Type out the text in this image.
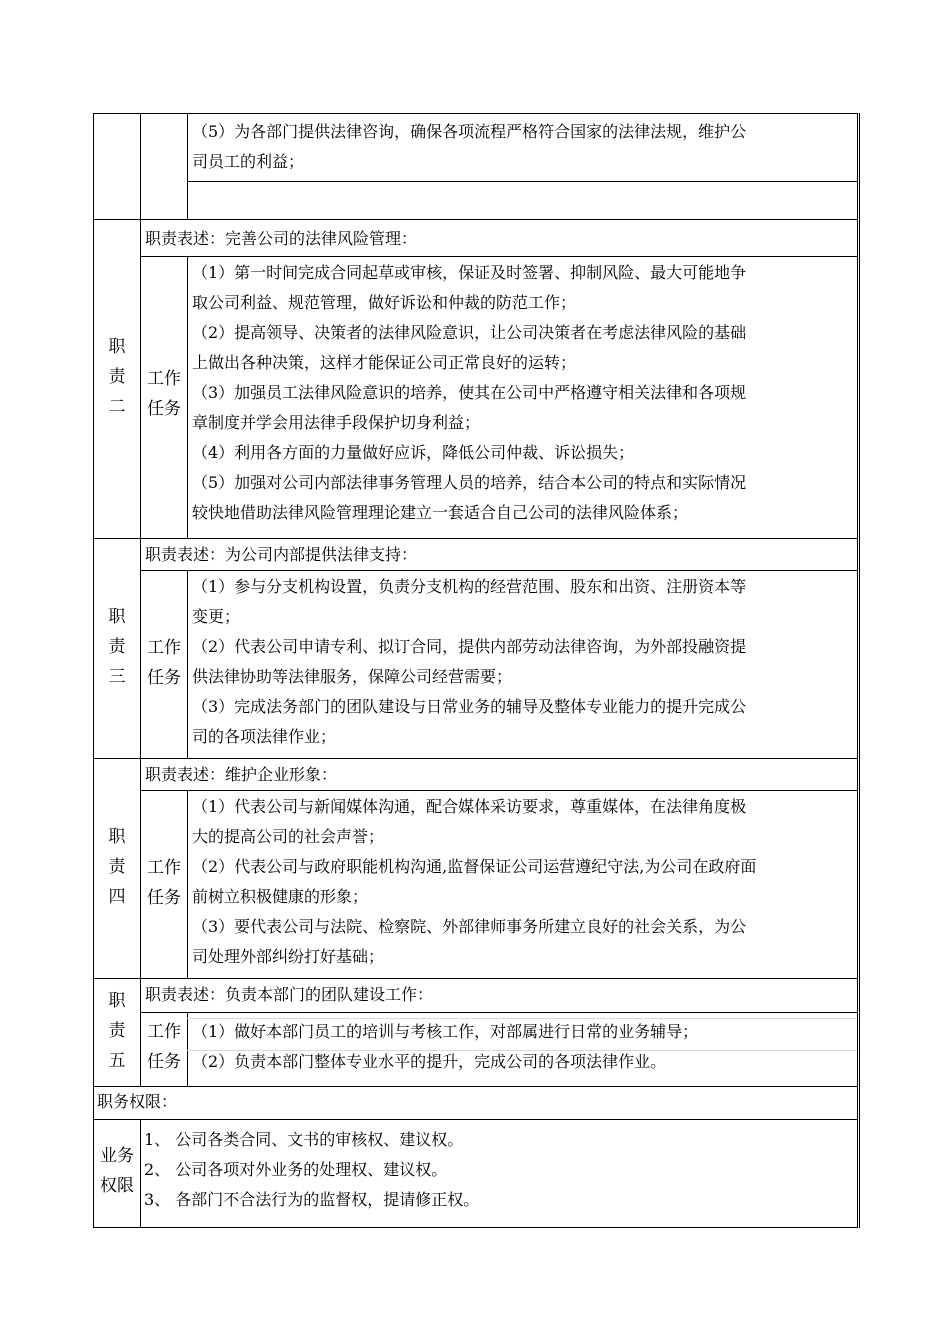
（5）为各部门提供法律咨询，确保各项流程严格符合国家的法律法规，维护公
司员工的利益；
职责表述：完善公司的法律风险管理：
职
责
二
工作
任务
（1）第一时间完成合同起草或审核，保证及时签署、抑制风险、最大可能地争
取公司利益、规范管理，做好诉讼和仲裁的防范工作；
（2）提高领导、决策者的法律风险意识，让公司决策者在考虑法律风险的基础
上做出各种决策，这样才能保证公司正常良好的运转；
（3）加强员工法律风险意识的培养，使其在公司中严格遵守相关法律和各项规
章制度并学会用法律手段保护切身利益；
（4）利用各方面的力量做好应诉，降低公司仲裁、诉讼损失；
（5）加强对公司内部法律事务管理人员的培养，结合本公司的特点和实际情况
较快地借助法律风险管理理论建立一套适合自己公司的法律风险体系；
职责表述：为公司内部提供法律支持：
职
责
三
工作
任务
（1）参与分支机构设置，负责分支机构的经营范围、股东和出资、注册资本等
变更；
（2）代表公司申请专利、拟订合同，提供内部劳动法律咨询，为外部投融资提
供法律协助等法律服务，保障公司经营需要；
（3）完成法务部门的团队建设与日常业务的辅导及整体专业能力的提升完成公
司的各项法律作业；
职责表述：维护企业形象：
职
责
四
工作
任务
（1）代表公司与新闻媒体沟通，配合媒体采访要求，尊重媒体，在法律角度极
大的提高公司的社会声誉；
（2）代表公司与政府职能机构沟通,监督保证公司运营遵纪守法,为公司在政府面
前树立积极健康的形象；
（3）要代表公司与法院、检察院、外部律师事务所建立良好的社会关系，为公
司处理外部纠纷打好基础；
职责表述：负责本部门的团队建设工作：
职
责
五
工作
任务
（1）做好本部门员工的培训与考核工作，对部属进行日常的业务辅导；
（2）负责本部门整体专业水平的提升，完成公司的各项法律作业。
职务权限：
业务
权限
1、 公司各类合同、文书的审核权、建议权。
2、 公司各项对外业务的处理权、建议权。
3、 各部门不合法行为的监督权，提请修正权。
